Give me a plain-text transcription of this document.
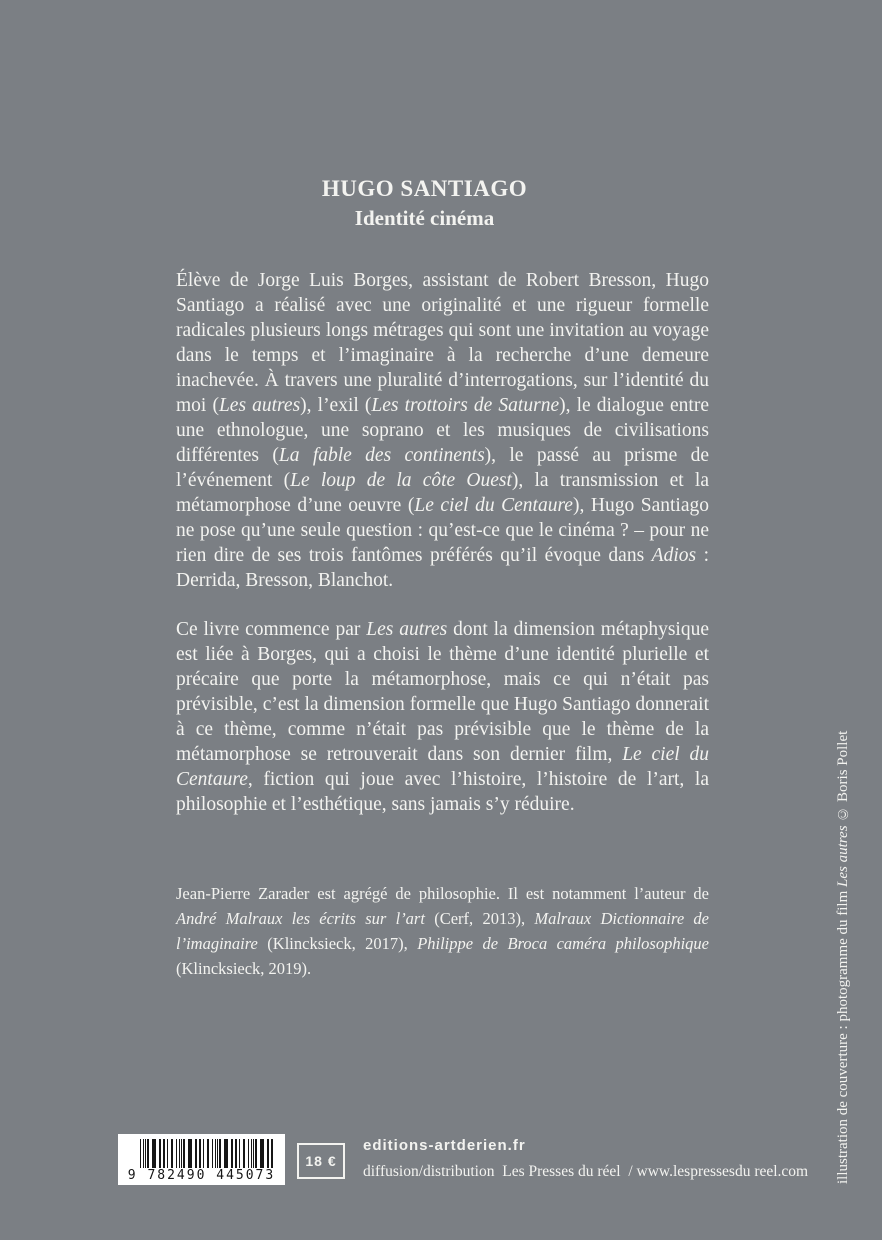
HUGO SANTIAGO
Identité cinéma

Élève de Jorge Luis Borges, assistant de Robert Bresson, Hugo Santiago a réalisé avec une originalité et une rigueur formelle radicales plusieurs longs métrages qui sont une invitation au voyage dans le temps et l’imaginaire à la recherche d’une demeure inachevée. À travers une pluralité d’interrogations, sur l’identité du moi (Les autres), l’exil (Les trottoirs de Saturne), le dialogue entre une ethnologue, une soprano et les musiques de civilisations différentes (La fable des continents), le passé au prisme de l’événement (Le loup de la côte Ouest), la transmission et la métamorphose d’une oeuvre (Le ciel du Centaure), Hugo Santiago ne pose qu’une seule question : qu’est-ce que le cinéma ? – pour ne rien dire de ses trois fantômes préférés qu’il évoque dans Adios : Derrida, Bresson, Blanchot.

Ce livre commence par Les autres dont la dimension métaphysique est liée à Borges, qui a choisi le thème d’une identité plurielle et précaire que porte la métamorphose, mais ce qui n’était pas prévisible, c’est la dimension formelle que Hugo Santiago donnerait à ce thème, comme n’était pas prévisible que le thème de la métamorphose se retrouverait dans son dernier film, Le ciel du Centaure, fiction qui joue avec l’histoire, l’histoire de l’art, la philosophie et l’esthétique, sans jamais s’y réduire.

Jean-Pierre Zarader est agrégé de philosophie. Il est notamment l’auteur de André Malraux les écrits sur l’art (Cerf, 2013), Malraux Dictionnaire de l’imaginaire (Klincksieck, 2017), Philippe de Broca caméra philosophique (Klincksieck, 2019).	illustration de couverture : photogramme du film Les autres © Boris Pollet
9 782490 445073
18 €
editions-artderien.fr
diffusion/distribution  Les Presses du réel  / www.lespressesdu reel.com
